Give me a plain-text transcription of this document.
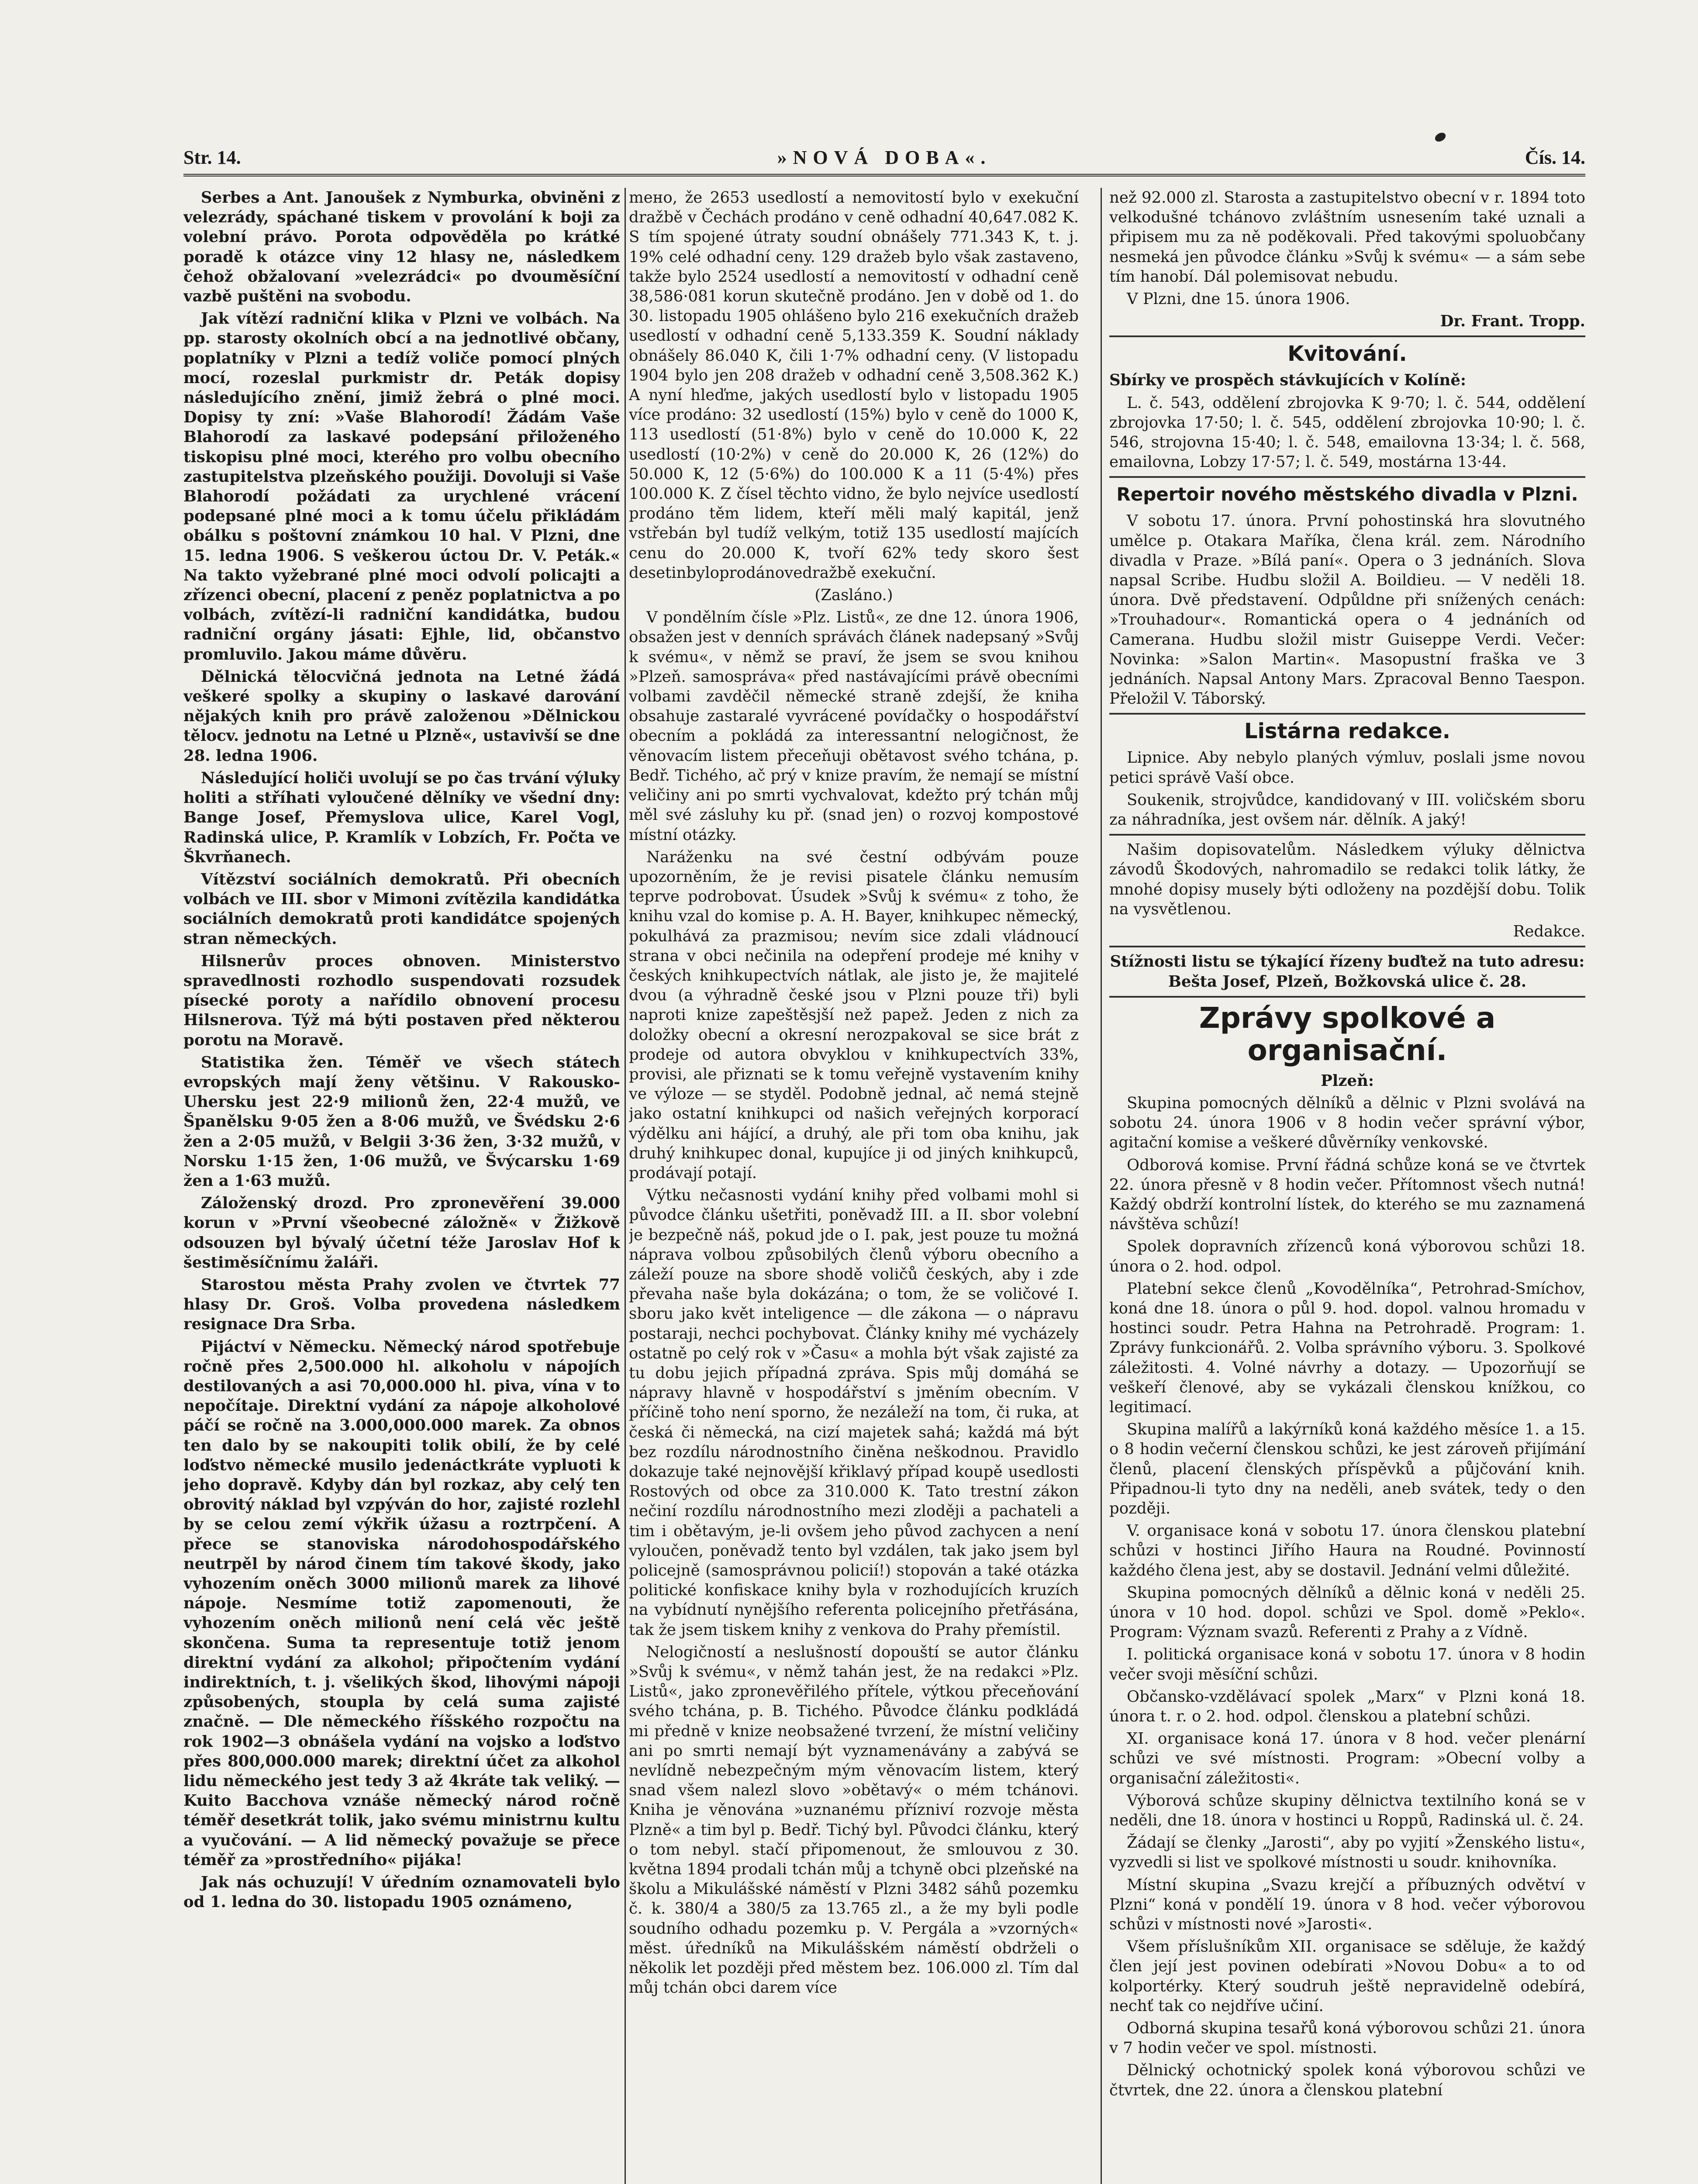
Str. 14.	»NOVÁ DOBA«.	Čís. 14.

Serbes a Ant. Janoušek z Nymburka, obviněni z velezrády, spáchané tiskem v provolání k boji za volební právo. Porota odpověděla po krátké poradě k otázce viny 12 hlasy ne, následkem čehož obžalovaní »velezrádci« po dvouměsíční vazbě puštěni na svobodu.

Jak vítězí radniční klika v Plzni ve volbách. Na pp. starosty okolních obcí a na jednotlivé občany, poplatníky v Plzni a tedíž voliče pomocí plných mocí, rozeslal purkmistr dr. Peták dopisy následujícího znění, jimiž žebrá o plné moci. Dopisy ty zní: »Vaše Blahorodí! Žádám Vaše Blahorodí za laskavé podepsání přiloženého tiskopisu plné moci, kterého pro volbu obecního zastupitelstva plzeňského použiji. Dovoluji si Vaše Blahorodí požádati za urychlené vrácení podepsané plné moci a k tomu účelu přikládám obálku s poštovní známkou 10 hal. V Plzni, dne 15. ledna 1906. S veškerou úctou Dr. V. Peták.« Na takto vyžebrané plné moci odvolí policajti a zřízenci obecní, placení z peněz poplatnictva a po volbách, zvítězí-li radniční kandidátka, budou radniční orgány jásati: Ejhle, lid, občanstvo promluvilo. Jakou máme důvěru.

Dělnická tělocvičná jednota na Letné žádá veškeré spolky a skupiny o laskavé darování nějakých knih pro právě založenou »Dělnickou tělocv. jednotu na Letné u Plzně«, ustavivší se dne 28. ledna 1906.

Následující holiči uvolují se po čas trvání výluky holiti a stříhati vyloučené dělníky ve všední dny: Bange Josef, Přemyslova ulice, Karel Vogl, Radinská ulice, P. Kramlík v Lobzích, Fr. Počta ve Škvrňanech.

Vítězství sociálních demokratů. Při obecních volbách ve III. sbor v Mimoni zvítězila kandidátka sociálních demokratů proti kandidátce spojených stran německých.

Hilsnerův proces obnoven. Ministerstvo spravedlnosti rozhodlo suspendovati rozsudek písecké poroty a nařídilo obnovení procesu Hilsnerova. Týž má býti postaven před některou porotu na Moravě.

Statistika žen. Téměř ve všech státech evropských mají ženy většinu. V Rakousko-Uhersku jest 22·9 milionů žen, 22·4 mužů, ve Španělsku 9·05 žen a 8·06 mužů, ve Švédsku 2·6 žen a 2·05 mužů, v Belgii 3·36 žen, 3·32 mužů, v Norsku 1·15 žen, 1·06 mužů, ve Švýcarsku 1·69 žen a 1·63 mužů.

Záloženský drozd. Pro zpronevěření 39.000 korun v »První všeobecné záložně« v Žižkově odsouzen byl bývalý účetní téže Jaroslav Hof k šestiměsíčnímu žaláři.

Starostou města Prahy zvolen ve čtvrtek 77 hlasy Dr. Groš. Volba provedena následkem resignace Dra Srba.

Pijáctví v Německu. Německý národ spotřebuje ročně přes 2,500.000 hl. alkoholu v nápojích destilovaných a asi 70,000.000 hl. piva, vína v to nepočítaje. Direktní vydání za nápoje alkoholové páčí se ročně na 3.000,000.000 marek. Za obnos ten dalo by se nakoupiti tolik obilí, že by celé loďstvo německé musilo jedenáctkráte vypluoti k jeho dopravě. Kdyby dán byl rozkaz, aby celý ten obrovitý náklad byl vzpýván do hor, zajisté rozlehl by se celou zemí výkřik úžasu a roztrpčení. A přece se stanoviska národohospodářského neutrpěl by národ činem tím takové škody, jako vyhozením oněch 3000 milionů marek za lihové nápoje. Nesmíme totiž zapomenouti, že vyhozením oněch milionů není celá věc ještě skončena. Suma ta representuje totiž jenom direktní vydání za alkohol; připočtením vydání indirektních, t. j. všelikých škod, lihovými nápoji způsobených, stoupla by celá suma zajisté značně. — Dle německého říšského rozpočtu na rok 1902—3 obnášela vydání na vojsko a loďstvo přes 800,000.000 marek; direktní účet za alkohol lidu německého jest tedy 3 až 4kráte tak veliký. — Kuito Bacchova vznáše německý národ ročně téměř desetkrát tolik, jako svému ministrnu kultu a vyučování. — A lid německý považuje se přece téměř za »prostředního« pijáka!

Jak nás ochuzují! V úředním oznamovateli bylo od 1. ledna do 30. listopadu 1905 oznámeno,

mено, že 2653 usedlostí a nemovitostí bylo v exekuční dražbě v Čechách prodáno v ceně odhadní 40,647.082 K. S tím spojené útraty soudní obnášely 771.343 K, t. j. 19% celé odhadní ceny. 129 dražeb bylo však zastaveno, takže bylo 2524 usedlostí a nemovitostí v odhadní ceně 38,586·081 korun skutečně prodáno. Jen v době od 1. do 30. listopadu 1905 ohlášeno bylo 216 exekučních dražeb usedlostí v odhadní ceně 5,133.359 K. Soudní náklady obnášely 86.040 K, čili 1·7% odhadní ceny. (V listopadu 1904 bylo jen 208 dražeb v odhadní ceně 3,508.362 K.) A nyní hleďme, jakých usedlostí bylo v listopadu 1905 více prodáno: 32 usedlostí (15%) bylo v ceně do 1000 K, 113 usedlostí (51·8%) bylo v ceně do 10.000 K, 22 usedlostí (10·2%) v ceně do 20.000 K, 26 (12%) do 50.000 K, 12 (5·6%) do 100.000 K a 11 (5·4%) přes 100.000 K. Z čísel těchto vidno, že bylo nejvíce usedlostí prodáno těm lidem, kteří měli malý kapitál, jenž vstřebán byl tudíž velkým, totiž 135 usedlostí majících cenu do 20.000 K, tvoří 62% tedy skoro šest desetinbyloprodánovedražbě exekuční.

(Zasláno.)

V pondělním čísle »Plz. Listů«, ze dne 12. února 1906, obsažen jest v denních správách článek nadepsaný »Svůj k svému«, v němž se praví, že jsem se svou knihou »Plzeň. samospráva« před nastávajícími právě obecními volbami zavděčil německé straně zdejší, že kniha obsahuje zastaralé vyvrácené povídačky o hospodářství obecním a pokládá za interessantní nelogičnost, že věnovacím listem přeceňuji obětavost svého tchána, p. Bedř. Tichého, ač prý v knize pravím, že nemají se místní veličiny ani po smrti vychvalovat, kdežto prý tchán můj měl své zásluhy ku př. (snad jen) o rozvoj kompostové místní otázky.

Naráženku na své čestní odbývám pouze upozorněním, že je revisi pisatele článku nemusím teprve podrobovat. Úsudek »Svůj k svému« z toho, že knihu vzal do komise p. A. H. Bayer, knihkupec německý, pokulhává za prazmisou; nevím sice zdali vládnoucí strana v obci nečinila na odepření prodeje mé knihy v českých knihkupectvích nátlak, ale jisto je, že majitelé dvou (a výhradně české jsou v Plzni pouze tři) byli naproti knize zapeštěsjší než papež. Jeden z nich za doložky obecní a okresní nerozpakoval se sice brát z prodeje od autora obvyklou v knihkupectvích 33%, provisi, ale přiznati se k tomu veřejně vystavením knihy ve výloze — se styděl. Podobně jednal, ač nemá stejně jako ostatní knihkupci od našich veřejných korporací výdělku ani hájící, a druhý, ale při tom oba knihu, jak druhý knihkupec donal, kupujíce ji od jiných knihkupců, prodávají potají.

Výtku nečasnosti vydání knihy před volbami mohl si původce článku ušetřiti, poněvadž III. a II. sbor volební je bezpečně náš, pokud jde o I. pak, jest pouze tu možná náprava volbou způsobilých členů výboru obecního a záleží pouze na sbore shodě voličů českých, aby i zde převaha naše byla dokázána; o tom, že se voličové I. sboru jako květ inteligence — dle zákona — o nápravu postaraji, nechci pochybovat. Články knihy mé vycházely ostatně po celý rok v »Času« a mohla být však zajisté za tu dobu jejich případná zpráva. Spis můj domáhá se nápravy hlavně v hospodářství s jměním obecním. V příčině toho není sporno, že nezáleží na tom, či ruka, at česká či německá, na cizí majetek sahá; každá má být bez rozdílu národnostního činěna neškodnou. Pravidlo dokazuje také nejnovější křiklavý případ koupě usedlosti Rostových od obce za 310.000 K. Tato trestní zákon nečiní rozdílu národnostního mezi zloději a pachateli a tim i obětavým, je-li ovšem jeho původ zachycen a není vyloučen, poněvadž tento byl vzdálen, tak jako jsem byl policejně (samosprávnou policií!) stopován a také otázka politické konfiskace knihy byla v rozhodujících kruzích na vybídnutí nynějšího referenta policejního přetřásána, tak že jsem tiskem knihy z venkova do Prahy přemístil.

Nelogičností a neslušností dopouští se autor článku »Svůj k svému«, v němž tahán jest, že na redakci »Plz. Listů«, jako zpronevěřilého přítele, výtkou přeceňování svého tchána, p. B. Tichého. Původce článku podkládá mi předně v knize neobsažené tvrzení, že místní veličiny ani po smrti nemají být vyznamenávány a zabývá se nevlídně nebezpečným mým věnovacím listem, který snad všem nalezl slovo »obětavý« o mém tchánovi. Kniha je věnována »uznanému přízniví rozvoje města Plzně« a tim byl p. Bedř. Tichý byl. Původci článku, který o tom nebyl. stačí připomenout, že smlouvou z 30. května 1894 prodali tchán můj a tchyně obci plzeňské na školu a Mikulášské náměstí v Plzni 3482 sáhů pozemku č. k. 380/4 a 380/5 za 13.765 zl., a že my byli podle soudního odhadu pozemku p. V. Pergála a »vzorných« měst. úředníků na Mikulášském náměstí obdrželi o několik let později před městem bez. 106.000 zl. Tím dal můj tchán obci darem více

než 92.000 zl. Starosta a zastupitelstvo obecní v r. 1894 toto velkodušné tchánovo zvláštním usnesením také uznali a připisem mu za ně poděkovali. Před takovými spoluobčany nesmeká jen původce článku »Svůj k svému« — a sám sebe tím hanobí. Dál polemisovat nebudu.

V Plzni, dne 15. února 1906.

Dr. Frant. Tropp.

Kvitování.

Sbírky ve prospěch stávkujících v Kolíně:

L. č. 543, oddělení zbrojovka K 9·70; l. č. 544, oddělení zbrojovka 17·50; l. č. 545, oddělení zbrojovka 10·90; l. č. 546, strojovna 15·40; l. č. 548, emailovna 13·34; l. č. 568, emailovna, Lobzy 17·57; l. č. 549, mostárna 13·44.

Repertoir nového městského divadla v Plzni.

V sobotu 17. února. První pohostinská hra slovutného umělce p. Otakara Maříka, člena král. zem. Národního divadla v Praze. »Bílá paní«. Opera o 3 jednáních. Slova napsal Scribe. Hudbu složil A. Boildieu. — V neděli 18. února. Dvě představení. Odpůldne při snížených cenách: »Trouhadour«. Romantická opera o 4 jednáních od Camerana. Hudbu složil mistr Guiseppe Verdi. Večer: Novinka: »Salon Martin«. Masopustní fraška ve 3 jednáních. Napsal Antony Mars. Zpracoval Benno Taespon. Přeložil V. Táborský.

Listárna redakce.

Lipnice. Aby nebylo planých výmluv, poslali jsme novou petici správě Vaší obce.

Soukenik, strojvůdce, kandidovaný v III. voličském sboru za náhradníka, jest ovšem nár. dělník. A jaký!

Našim dopisovatelům. Následkem výluky dělnictva závodů Škodových, nahromadilo se redakci tolik látky, že mnohé dopisy musely býti odloženy na pozdější dobu. Tolik na vysvětlenou.

Redakce.

Stížnosti listu se týkající řízeny buďtež na tuto adresu: Bešta Josef, Plzeň, Božkovská ulice č. 28.

Zprávy spolkové a organisační.

Plzeň:

Skupina pomocných dělníků a dělnic v Plzni svolává na sobotu 24. února 1906 v 8 hodin večer správní výbor, agitační komise a veškeré důvěrníky venkovské.

Odborová komise. První řádná schůze koná se ve čtvrtek 22. února přesně v 8 hodin večer. Přítomnost všech nutná! Každý obdrží kontrolní lístek, do kterého se mu zaznamená návštěva schůzí!

Spolek dopravních zřízenců koná výborovou schůzi 18. února o 2. hod. odpol.

Platební sekce členů „Kovodělníka“, Petrohrad-Smíchov, koná dne 18. února o půl 9. hod. dopol. valnou hromadu v hostinci soudr. Petra Hahna na Petrohradě. Program: 1. Zprávy funkcionářů. 2. Volba správního výboru. 3. Spolkové záležitosti. 4. Volné návrhy a dotazy. — Upozorňují se veškeří členové, aby se vykázali členskou knížkou, co legitimací.

Skupina malířů a lakýrníků koná každého měsíce 1. a 15. o 8 hodin večerní členskou schůzi, ke jest zároveň přijímání členů, placení členských příspěvků a půjčování knih. Připadnou-li tyto dny na neděli, aneb svátek, tedy o den později.

V. organisace koná v sobotu 17. února členskou platební schůzi v hostinci Jiřího Haura na Roudné. Povinností každého člena jest, aby se dostavil. Jednání velmi důležité.

Skupina pomocných dělníků a dělnic koná v neděli 25. února v 10 hod. dopol. schůzi ve Spol. domě »Peklo«. Program: Význam svazů. Referenti z Prahy a z Vídně.

I. politická organisace koná v sobotu 17. února v 8 hodin večer svoji měsíční schůzi.

Občansko-vzdělávací spolek „Marx“ v Plzni koná 18. února t. r. o 2. hod. odpol. členskou a platební schůzi.

XI. organisace koná 17. února v 8 hod. večer plenární schůzi ve své místnosti. Program: »Obecní volby a organisační záležitosti«.

Výborová schůze skupiny dělnictva textilního koná se v neděli, dne 18. února v hostinci u Roppů, Radinská ul. č. 24.

Žádají se členky „Jarosti“, aby po vyjití »Ženského listu«, vyzvedli si list ve spolkové místnosti u soudr. knihovníka.

Místní skupina „Svazu krejčí a příbuzných odvětví v Plzni“ koná v pondělí 19. února v 8 hod. večer výborovou schůzi v místnosti nové »Jarosti«.

Všem příslušníkům XII. organisace se sděluje, že každý člen její jest povinen odebírati »Novou Dobu« a to od kolportérky. Který soudruh ještě nepravidelně odebírá, nechť tak co nejdříve učiní.

Odborná skupina tesařů koná výborovou schůzi 21. února v 7 hodin večer ve spol. místnosti.

Dělnický ochotnický spolek koná výborovou schůzi ve čtvrtek, dne 22. února a členskou platební
